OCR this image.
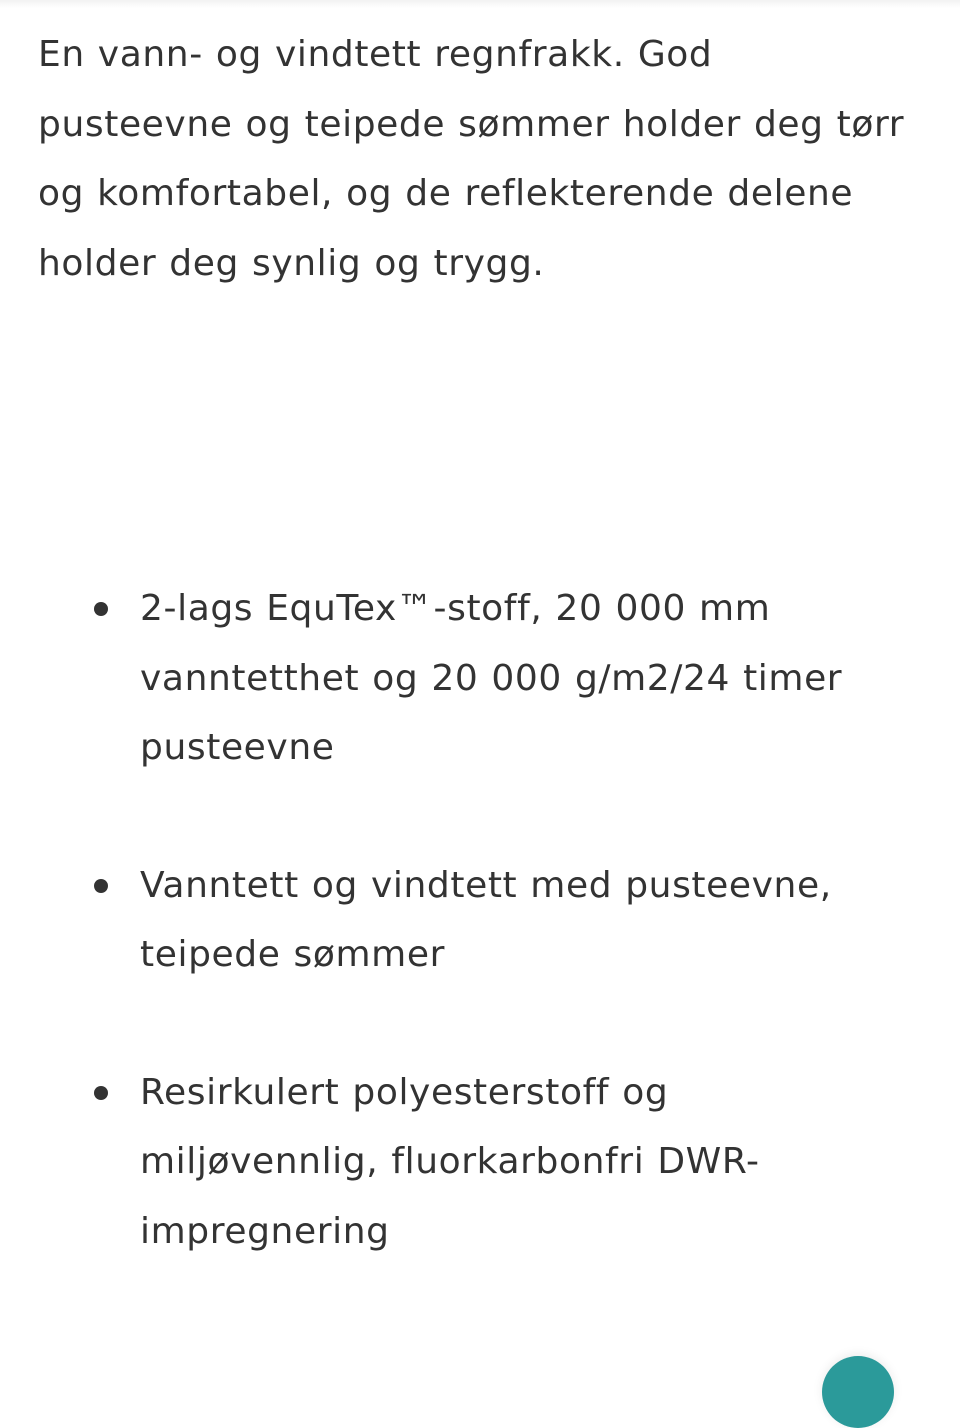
En vann- og vindtett regnfrakk. God pusteevne og teipede sømmer holder deg tørr og komfortabel, og de reflekterende delene holder deg synlig og trygg.

2-lags EquTex™-stoff, 20 000 mm vanntetthet og 20 000 g/m2/24 timer pusteevne
Vanntett og vindtett med pusteevne, teipede sømmer
Resirkulert polyesterstoff og miljøvennlig, fluorkarbonfri DWR-impregnering
